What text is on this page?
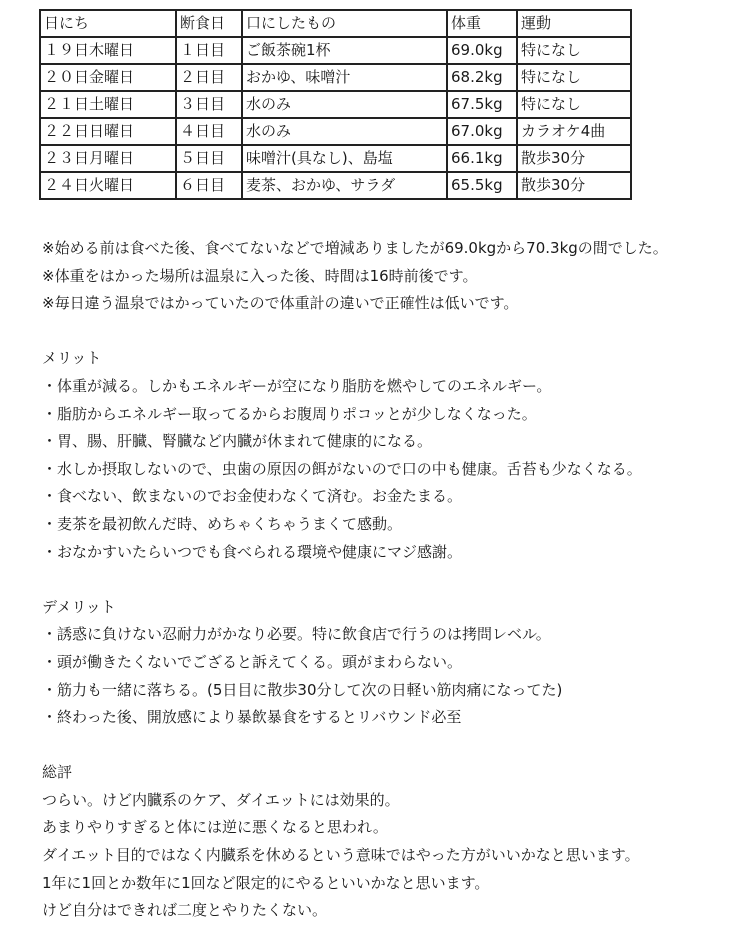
日にち	断食日	口にしたもの	体重	運動
１９日木曜日	１日目	ご飯茶碗1杯	69.0kg	特になし
２０日金曜日	２日目	おかゆ、味噌汁	68.2kg	特になし
２１日土曜日	３日目	水のみ	67.5kg	特になし
２２日日曜日	４日目	水のみ	67.0kg	カラオケ4曲
２３日月曜日	５日目	味噌汁(具なし)、島塩	66.1kg	散歩30分
２４日火曜日	６日目	麦茶、おかゆ、サラダ	65.5kg	散歩30分
※始める前は食べた後、食べてないなどで増減ありましたが69.0kgから70.3kgの間でした。
※体重をはかった場所は温泉に入った後、時間は16時前後です。
※毎日違う温泉ではかっていたので体重計の違いで正確性は低いです。
メリット
・体重が減る。しかもエネルギーが空になり脂肪を燃やしてのエネルギー。
・脂肪からエネルギー取ってるからお腹周りポコッとが少しなくなった。
・胃、腸、肝臓、腎臓など内臓が休まれて健康的になる。
・水しか摂取しないので、虫歯の原因の餌がないので口の中も健康。舌苔も少なくなる。
・食べない、飲まないのでお金使わなくて済む。お金たまる。
・麦茶を最初飲んだ時、めちゃくちゃうまくて感動。
・おなかすいたらいつでも食べられる環境や健康にマジ感謝。
デメリット
・誘惑に負けない忍耐力がかなり必要。特に飲食店で行うのは拷問レベル。
・頭が働きたくないでござると訴えてくる。頭がまわらない。
・筋力も一緒に落ちる。(5日目に散歩30分して次の日軽い筋肉痛になってた)
・終わった後、開放感により暴飲暴食をするとリバウンド必至
総評
つらい。けど内臓系のケア、ダイエットには効果的。
あまりやりすぎると体には逆に悪くなると思われ。
ダイエット目的ではなく内臓系を休めるという意味ではやった方がいいかなと思います。
1年に1回とか数年に1回など限定的にやるといいかなと思います。
けど自分はできれば二度とやりたくない。
